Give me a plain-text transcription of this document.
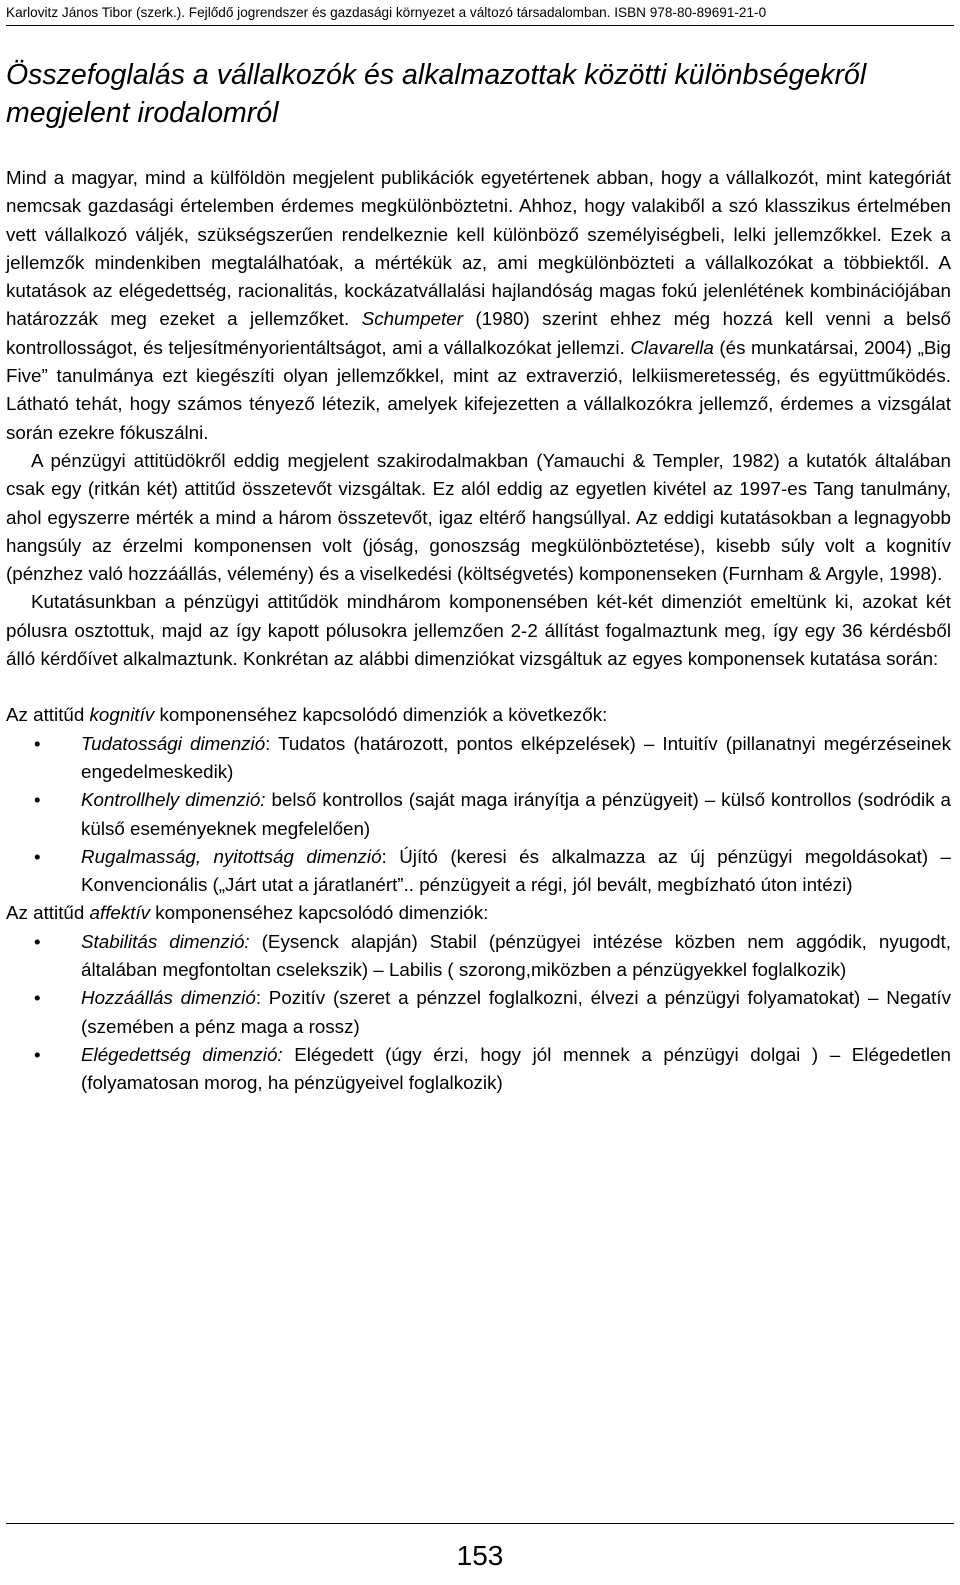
Karlovitz János Tibor (szerk.). Fejlődő jogrendszer és gazdasági környezet a változó társadalomban. ISBN 978-80-89691-21-0
Összefoglalás a vállalkozók és alkalmazottak közötti különbségekről megjelent irodalomról

Mind a magyar, mind a külföldön megjelent publikációk egyetértenek abban, hogy a vállalkozót, mint kategóriát nemcsak gazdasági értelemben érdemes megkülönböztetni. Ahhoz, hogy valakiből a szó klasszikus értelmében vett vállalkozó váljék, szükségszerűen rendelkeznie kell különböző személyiségbeli, lelki jellemzőkkel. Ezek a jellemzők mindenkiben megtalálhatóak, a mértékük az, ami megkülönbözteti a vállalkozókat a többiektől. A kutatások az elégedettség, racionalitás, kockázatvállalási hajlandóság magas fokú jelenlétének kombinációjában határozzák meg ezeket a jellemzőket. Schumpeter (1980) szerint ehhez még hozzá kell venni a belső kontrollosságot, és teljesítményorientáltságot, ami a vállalkozókat jellemzi. Clavarella (és munkatársai, 2004) „Big Five” tanulmánya ezt kiegészíti olyan jellemzőkkel, mint az extraverzió, lelkiismeretesség, és együttműködés. Látható tehát, hogy számos tényező létezik, amelyek kifejezetten a vállalkozókra jellemző, érdemes a vizsgálat során ezekre fókuszálni.

A pénzügyi attitüdökről eddig megjelent szakirodalmakban (Yamauchi & Templer, 1982) a kutatók általában csak egy (ritkán két) attitűd összetevőt vizsgáltak. Ez alól eddig az egyetlen kivétel az 1997-es Tang tanulmány, ahol egyszerre mérték a mind a három összetevőt, igaz eltérő hangsúllyal. Az eddigi kutatásokban a legnagyobb hangsúly az érzelmi komponensen volt (jóság, gonoszság megkülönböztetése), kisebb súly volt a kognitív (pénzhez való hozzáállás, vélemény) és a viselkedési (költségvetés) komponenseken (Furnham & Argyle, 1998).

Kutatásunkban a pénzügyi attitűdök mindhárom komponensében két-két dimenziót emeltünk ki, azokat két pólusra osztottuk, majd az így kapott pólusokra jellemzően 2-2 állítást fogalmaztunk meg, így egy 36 kérdésből álló kérdőívet alkalmaztunk. Konkrétan az alábbi dimenziókat vizsgáltuk az egyes komponensek kutatása során:

Az attitűd kognitív komponenséhez kapcsolódó dimenziók a következők:

• Tudatossági dimenzió: Tudatos (határozott, pontos elképzelések) – Intuitív (pillanatnyi megérzéseinek engedelmeskedik)
• Kontrollhely dimenzió: belső kontrollos (saját maga irányítja a pénzügyeit) – külső kontrollos (sodródik a külső eseményeknek megfelelően)
• Rugalmasság, nyitottság dimenzió: Újító (keresi és alkalmazza az új pénzügyi megoldásokat) – Konvencionális („Járt utat a járatlanért”.. pénzügyeit a régi, jól bevált, megbízható úton intézi)

Az attitűd affektív komponenséhez kapcsolódó dimenziók:

• Stabilitás dimenzió: (Eysenck alapján) Stabil (pénzügyei intézése közben nem aggódik, nyugodt, általában megfontoltan cselekszik) – Labilis ( szorong,miközben a pénzügyekkel foglalkozik)
• Hozzáállás dimenzió: Pozitív (szeret a pénzzel foglalkozni, élvezi a pénzügyi folyamatokat) – Negatív (szemében a pénz maga a rossz)
• Elégedettség dimenzió: Elégedett (úgy érzi, hogy jól mennek a pénzügyi dolgai ) – Elégedetlen (folyamatosan morog, ha pénzügyeivel foglalkozik)
153
